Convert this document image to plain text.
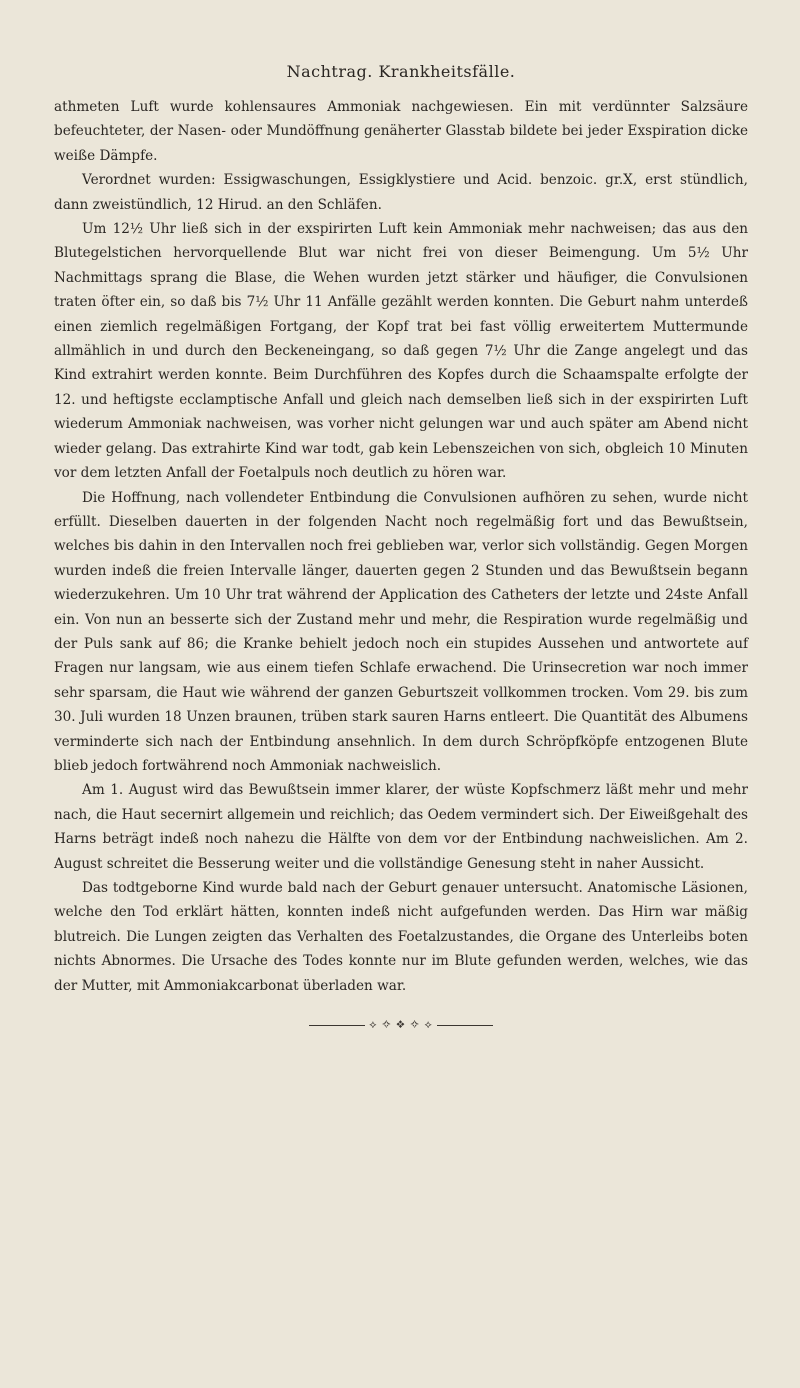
Nachtrag. Krankheitsfälle.

athmeten Luft wurde kohlensaures Ammoniak nachgewiesen. Ein mit verdünnter Salzsäure befeuchteter, der Nasen- oder Mundöffnung genäherter Glasstab bildete bei jeder Exspiration dicke weiße Dämpfe.

Verordnet wurden: Essigwaschungen, Essigklystiere und Acid. benzoic. gr.X, erst stündlich, dann zweistündlich, 12 Hirud. an den Schläfen.

Um 12½ Uhr ließ sich in der exspirirten Luft kein Ammoniak mehr nachweisen; das aus den Blutegelstichen hervorquellende Blut war nicht frei von dieser Beimengung. Um 5½ Uhr Nachmittags sprang die Blase, die Wehen wurden jetzt stärker und häufiger, die Convulsionen traten öfter ein, so daß bis 7½ Uhr 11 Anfälle gezählt werden konnten. Die Geburt nahm unterdeß einen ziemlich regelmäßigen Fortgang, der Kopf trat bei fast völlig erweitertem Muttermunde allmählich in und durch den Beckeneingang, so daß gegen 7½ Uhr die Zange angelegt und das Kind extrahirt werden konnte. Beim Durchführen des Kopfes durch die Schaamspalte erfolgte der 12. und heftigste ecclamptische Anfall und gleich nach demselben ließ sich in der exspirirten Luft wiederum Ammoniak nachweisen, was vorher nicht gelungen war und auch später am Abend nicht wieder gelang. Das extrahirte Kind war todt, gab kein Lebenszeichen von sich, obgleich 10 Minuten vor dem letzten Anfall der Foetalpuls noch deutlich zu hören war.

Die Hoffnung, nach vollendeter Entbindung die Convulsionen aufhören zu sehen, wurde nicht erfüllt. Dieselben dauerten in der folgenden Nacht noch regelmäßig fort und das Bewußtsein, welches bis dahin in den Intervallen noch frei geblieben war, verlor sich vollständig. Gegen Morgen wurden indeß die freien Intervalle länger, dauerten gegen 2 Stunden und das Bewußtsein begann wiederzukehren. Um 10 Uhr trat während der Application des Catheters der letzte und 24ste Anfall ein. Von nun an besserte sich der Zustand mehr und mehr, die Respiration wurde regelmäßig und der Puls sank auf 86; die Kranke behielt jedoch noch ein stupides Aussehen und antwortete auf Fragen nur langsam, wie aus einem tiefen Schlafe erwachend. Die Urinsecretion war noch immer sehr sparsam, die Haut wie während der ganzen Geburtszeit vollkommen trocken. Vom 29. bis zum 30. Juli wurden 18 Unzen braunen, trüben stark sauren Harns entleert. Die Quantität des Albumens verminderte sich nach der Entbindung ansehnlich. In dem durch Schröpfköpfe entzogenen Blute blieb jedoch fortwährend noch Ammoniak nachweislich.

Am 1. August wird das Bewußtsein immer klarer, der wüste Kopfschmerz läßt mehr und mehr nach, die Haut secernirt allgemein und reichlich; das Oedem vermindert sich. Der Eiweißgehalt des Harns beträgt indeß noch nahezu die Hälfte von dem vor der Entbindung nachweislichen. Am 2. August schreitet die Besserung weiter und die vollständige Genesung steht in naher Aussicht.

Das todtgeborne Kind wurde bald nach der Geburt genauer untersucht. Anatomische Läsionen, welche den Tod erklärt hätten, konnten indeß nicht aufgefunden werden. Das Hirn war mäßig blutreich. Die Lungen zeigten das Verhalten des Foetalzustandes, die Organe des Unterleibs boten nichts Abnormes. Die Ursache des Todes konnte nur im Blute gefunden werden, welches, wie das der Mutter, mit Ammoniakcarbonat überladen war.

⟡ ✧ ❖ ✧ ⟡
